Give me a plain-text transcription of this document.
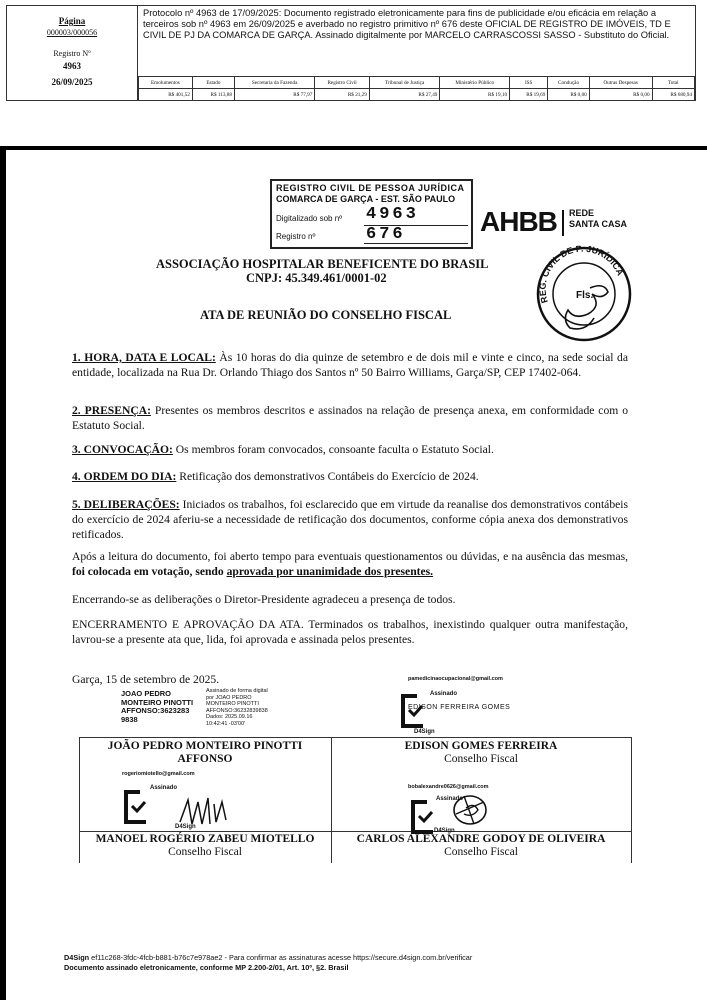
Página
000003/000056
Registro Nº
4963
26/09/2025
Protocolo nº 4963 de 17/09/2025: Documento registrado eletronicamente para fins de publicidade e/ou eficácia em relação a terceiros sob nº 4963 em 26/09/2025 e averbado no registro primitivo nº 676 deste OFICIAL DE REGISTRO DE IMÓVEIS, TD E CIVIL DE PJ DA COMARCA DE GARÇA. Assinado digitalmente por MARCELO CARRASCOSSI SASSO - Substituto do Oficial.
Emolumentos	Estado	Secretaria da Fazenda	Registro Civil	Tribunal de Justiça	Ministério Público	ISS	Condução	Outras Despesas	Total
R$ 401,52	R$ 113,88	R$ 77,97	R$ 21,29	R$ 27,49	R$ 19,10	R$ 19,69	R$ 0,00	R$ 0,00	R$ 680,94
REGISTRO CIVIL DE PESSOA JURÍDICA
COMARCA DE GARÇA - EST. SÃO PAULO
Digitalizado sob nº 4963
Registro nº	676	AHBB REDE
SANTA CASA
REG. CIVIL DE P. JURÍDICA
Fls.
ASSOCIAÇÃO HOSPITALAR BENEFICENTE DO BRASIL
CNPJ: 45.349.461/0001-02
ATA DE REUNIÃO DO CONSELHO FISCAL
1. HORA, DATA E LOCAL: Às 10 horas do dia quinze de setembro e de dois mil e vinte e cinco, na sede social da entidade, localizada na Rua Dr. Orlando Thiago dos Santos nº 50 Bairro Williams, Garça/SP, CEP 17402-064.
2. PRESENÇA: Presentes os membros descritos e assinados na relação de presença anexa, em conformidade com o Estatuto Social.
3. CONVOCAÇÃO: Os membros foram convocados, consoante faculta o Estatuto Social.
4. ORDEM DO DIA: Retificação dos demonstrativos Contábeis do Exercício de 2024.
5. DELIBERAÇÕES: Iniciados os trabalhos, foi esclarecido que em virtude da reanalise dos demonstrativos contábeis do exercício de 2024 aferiu-se a necessidade de retificação dos documentos, conforme cópia anexa dos demonstrativos retificados.
Após a leitura do documento, foi aberto tempo para eventuais questionamentos ou dúvidas, e na ausência das mesmas, foi colocada em votação, sendo aprovada por unanimidade dos presentes.
Encerrando-se as deliberações o Diretor-Presidente agradeceu a presença de todos.
ENCERRAMENTO E APROVAÇÃO DA ATA. Terminados os trabalhos, inexistindo qualquer outra manifestação, lavrou-se a presente ata que, lida, foi aprovada e assinada pelos presentes.
Garça, 15 de setembro de 2025.
JOAO PEDRO
MONTEIRO PINOTTI
AFFONSO:3623283
9838
Assinado de forma digital
por JOAO PEDRO
MONTEIRO PINOTTI
AFFONSO:36232839838
Dados: 2025.09.16
10:42:41 -03'00'
pamedicinaocupacional@gmail.com
Assinado
EDISON FERREIRA GOMES
D4Sign
JOÃO PEDRO MONTEIRO PINOTTI AFFONSO
EDISON GOMES FERREIRA
Conselho Fiscal
MANOEL ROGÉRIO ZABEU MIOTELLO
Conselho Fiscal
CARLOS ALEXANDRE GODOY DE OLIVEIRA
Conselho Fiscal
rogeriomiotello@gmail.com
Assinado
D4Sign
bobalexandre0626@gmail.com
Assinado
D4Sign
D4Sign ef11c268-3fdc-4fcb-b881-b76c7e978ae2 - Para confirmar as assinaturas acesse https://secure.d4sign.com.br/verificar
Documento assinado eletronicamente, conforme MP 2.200-2/01, Art. 10º, §2. Brasil
